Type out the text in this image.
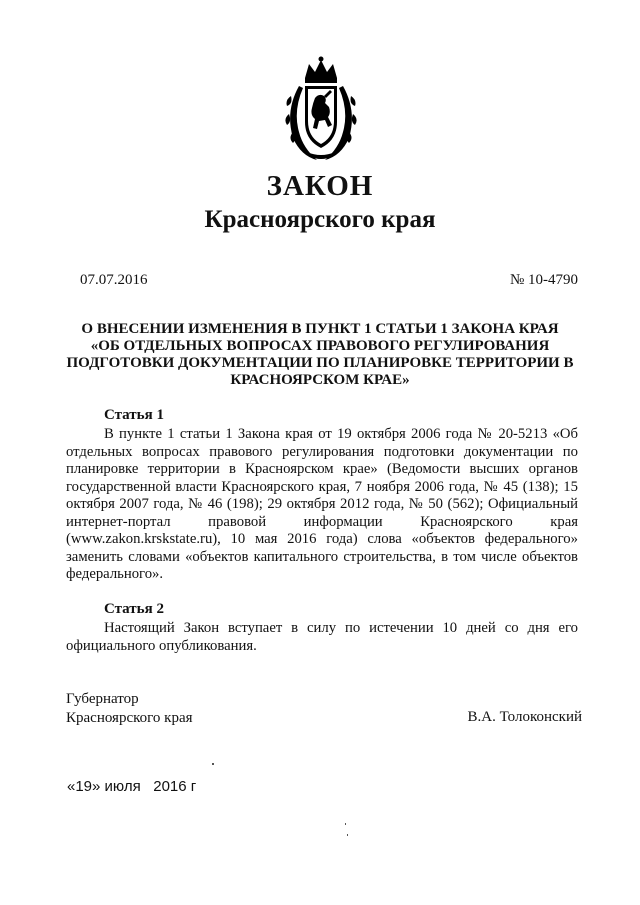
ЗАКОН
Красноярского края
07.07.2016	№ 10-4790
О ВНЕСЕНИИ ИЗМЕНЕНИЯ В ПУНКТ 1 СТАТЬИ 1 ЗАКОНА КРАЯ
«ОБ ОТДЕЛЬНЫХ ВОПРОСАХ ПРАВОВОГО РЕГУЛИРОВАНИЯ
ПОДГОТОВКИ ДОКУМЕНТАЦИИ ПО ПЛАНИРОВКЕ ТЕРРИТОРИИ В
КРАСНОЯРСКОМ КРАЕ»
Статья 1
В пункте 1 статьи 1 Закона края от 19 октября 2006 года № 20-5213 «Об
отдельных вопросах правового регулирования подготовки документации по
планировке территории в Красноярском крае» (Ведомости высших органов
государственной власти Красноярского края, 7 ноября 2006 года, № 45 (138); 15
октября 2007 года, № 46 (198); 29 октября 2012 года, № 50 (562); Официальный
интернет-портал правовой информации Красноярского края
(www.zakon.krskstate.ru), 10 мая 2016 года) слова «объектов федерального»
заменить словами «объектов капитального строительства, в том числе объектов
федерального».
Статья 2
Настоящий Закон вступает в силу по истечении 10 дней со дня его
официального опубликования.
Губернатор
Красноярского края	В.А. Толоконский
«19» июля 2016 г
